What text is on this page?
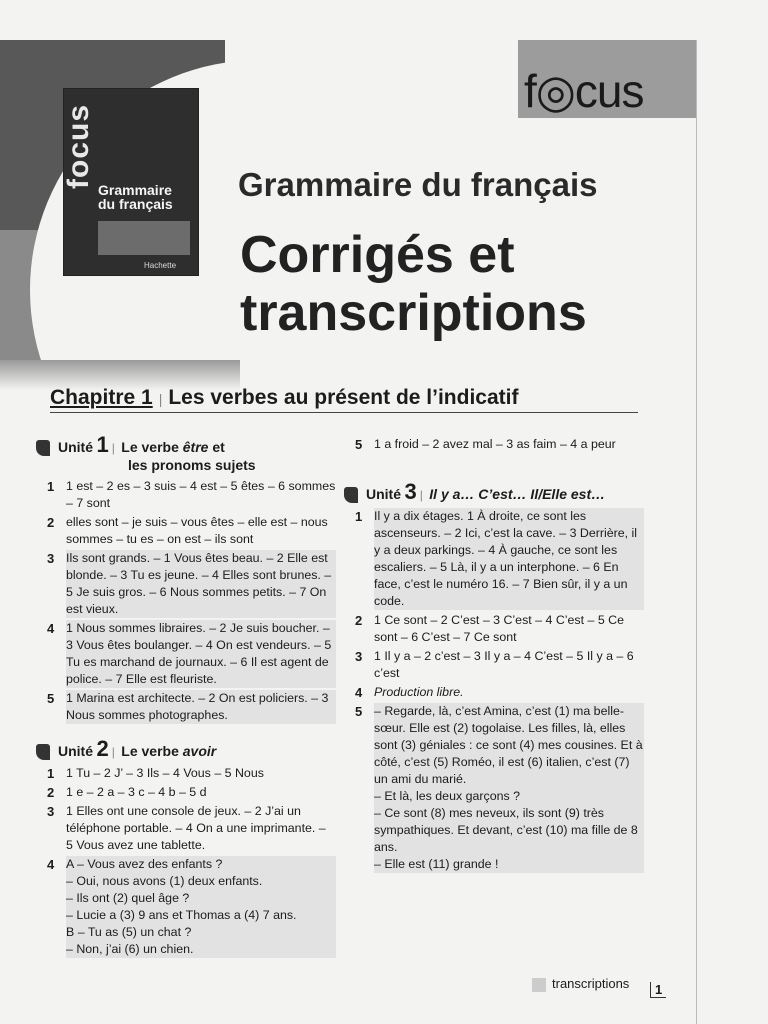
focus
Grammaire
du français
Hachette
f◎cus
Grammaire du français
Corrigés et
transcriptions
Chapitre 1 | Les verbes au présent de l’indicatif
Unité 1 | Le verbe être et
les pronoms sujets
1 1 est – 2 es – 3 suis – 4 est – 5 êtes – 6 sommes – 7 sont
2 elles sont – je suis – vous êtes – elle est – nous sommes – tu es – on est – ils sont
3 Ils sont grands. – 1 Vous êtes beau. – 2 Elle est blonde. – 3 Tu es jeune. – 4 Elles sont brunes. – 5 Je suis gros. – 6 Nous sommes petits. – 7 On est vieux.
4 1 Nous sommes libraires. – 2 Je suis boucher. – 3 Vous êtes boulanger. – 4 On est vendeurs. – 5 Tu es marchand de journaux. – 6 Il est agent de police. – 7 Elle est fleuriste.
5 1 Marina est architecte. – 2 On est policiers. – 3 Nous sommes photographes.
Unité 2 | Le verbe avoir
1 1 Tu – 2 J’ – 3 Ils – 4 Vous – 5 Nous
2 1 e – 2 a – 3 c – 4 b – 5 d
3 1 Elles ont une console de jeux. – 2 J’ai un téléphone portable. – 4 On a une imprimante. – 5 Vous avez une tablette.
4 A – Vous avez des enfants ?
– Oui, nous avons (1) deux enfants.
– Ils ont (2) quel âge ?
– Lucie a (3) 9 ans et Thomas a (4) 7 ans.
B – Tu as (5) un chat ?
– Non, j’ai (6) un chien.
5 1 a froid – 2 avez mal – 3 as faim – 4 a peur
Unité 3 | Il y a… C’est… Il/Elle est…
1 Il y a dix étages. 1 À droite, ce sont les ascenseurs. – 2 Ici, c’est la cave. – 3 Derrière, il y a deux parkings. – 4 À gauche, ce sont les escaliers. – 5 Là, il y a un interphone. – 6 En face, c’est le numéro 16. – 7 Bien sûr, il y a un code.
2 1 Ce sont – 2 C’est – 3 C’est – 4 C’est – 5 Ce sont – 6 C’est – 7 Ce sont
3 1 Il y a – 2 c’est – 3 Il y a – 4 C’est – 5 Il y a – 6 c’est
4 Production libre.
5 – Regarde, là, c’est Amina, c’est (1) ma belle-sœur. Elle est (2) togolaise. Les filles, là, elles sont (3) géniales : ce sont (4) mes cousines. Et à côté, c’est (5) Roméo, il est (6) italien, c’est (7) un ami du marié.
– Et là, les deux garçons ?
– Ce sont (8) mes neveux, ils sont (9) très sympathiques. Et devant, c’est (10) ma fille de 8 ans.
– Elle est (11) grande !
transcriptions	1
